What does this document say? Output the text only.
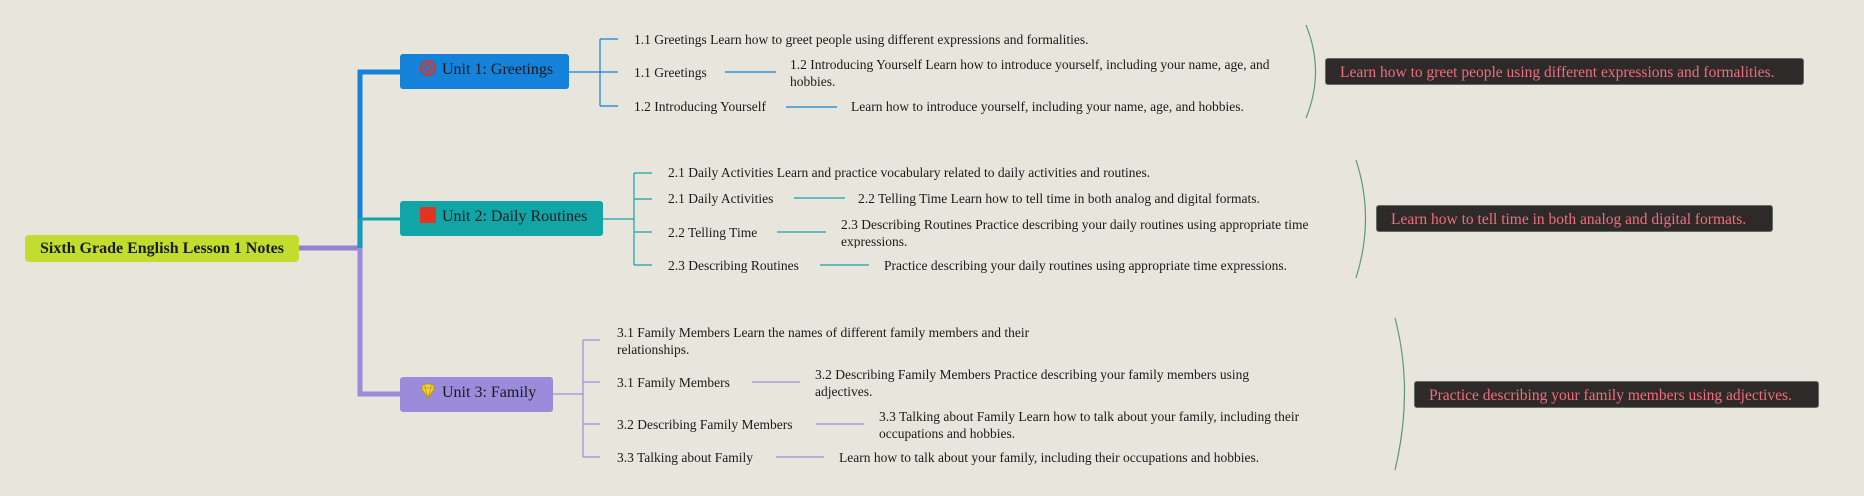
Sixth Grade English Lesson 1 Notes
Unit 1: Greetings
1.1 Greetings Learn how to greet people using different expressions and formalities.
1.1 Greetings
1.2 Introducing Yourself Learn how to introduce yourself, including your name, age, and hobbies.
1.2 Introducing Yourself	Learn how to introduce yourself, including your name, age, and hobbies.
Learn how to greet people using different expressions and formalities.
Unit 2: Daily Routines
2.1 Daily Activities Learn and practice vocabulary related to daily activities and routines.
2.1 Daily Activities	2.2 Telling Time Learn how to tell time in both analog and digital formats.
2.2 Telling Time
2.3 Describing Routines Practice describing your daily routines using appropriate time expressions.
2.3 Describing Routines	Practice describing your daily routines using appropriate time expressions.
Learn how to tell time in both analog and digital formats.
Unit 3: Family
3.1 Family Members Learn the names of different family members and their relationships.
3.1 Family Members
3.2 Describing Family Members Practice describing your family members using adjectives.
3.2 Describing Family Members
3.3 Talking about Family Learn how to talk about your family, including their occupations and hobbies.
3.3 Talking about Family	Learn how to talk about your family, including their occupations and hobbies.
Practice describing your family members using adjectives.
